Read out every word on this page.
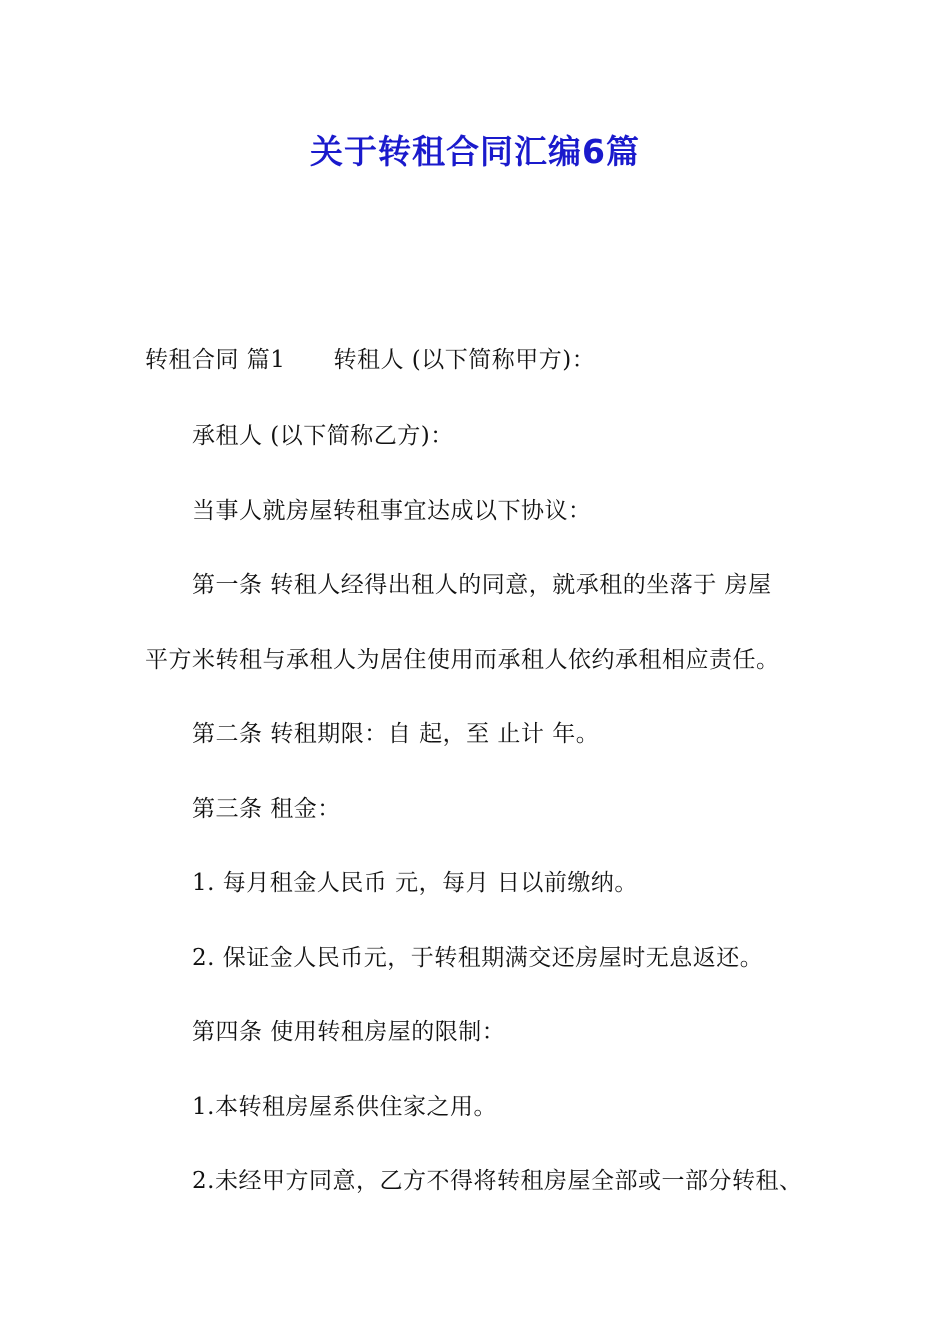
关于转租合同汇编6篇
转租合同 篇1 转租人 (以下简称甲方)：
承租人 (以下简称乙方)：
当事人就房屋转租事宜达成以下协议：
第一条 转租人经得出租人的同意，就承租的坐落于 房屋
平方米转租与承租人为居住使用而承租人依约承租相应责任。
第二条 转租期限：自 起，至 止计 年。
第三条 租金：
1. 每月租金人民币 元，每月 日以前缴纳。
2. 保证金人民币元，于转租期满交还房屋时无息返还。
第四条 使用转租房屋的限制：
1.本转租房屋系供住家之用。
2.未经甲方同意，乙方不得将转租房屋全部或一部分转租、
